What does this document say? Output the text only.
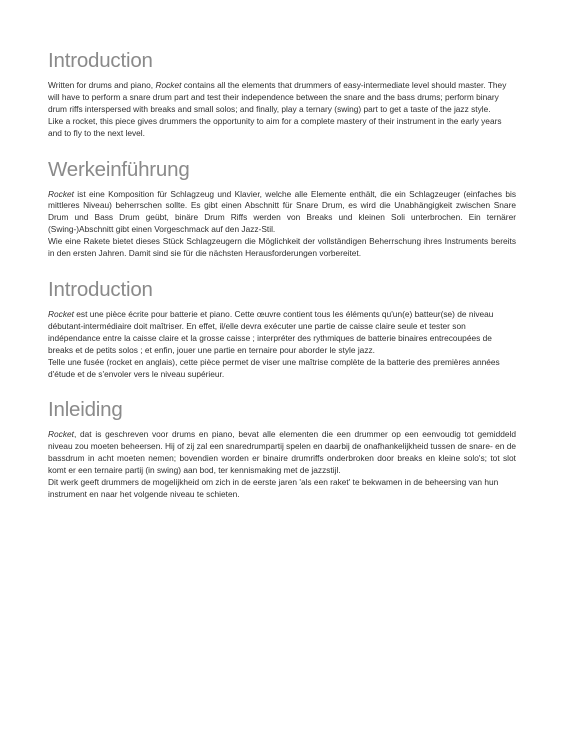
Introduction

Written for drums and piano, Rocket contains all the elements that drummers of easy-intermediate level should master. They will have to perform a snare drum part and test their independence between the snare and the bass drums; perform binary drum riffs interspersed with breaks and small solos; and finally, play a ternary (swing) part to get a taste of the jazz style.

Like a rocket, this piece gives drummers the opportunity to aim for a complete mastery of their instrument in the early years and to fly to the next level.

Werkeinführung

Rocket ist eine Komposition für Schlagzeug und Klavier, welche alle Elemente enthält, die ein Schlagzeuger (einfaches bis mittleres Niveau) beherrschen sollte. Es gibt einen Abschnitt für Snare Drum, es wird die Unabhängigkeit zwischen Snare Drum und Bass Drum geübt, binäre Drum Riffs werden von Breaks und kleinen Soli unterbrochen. Ein ternärer (Swing-)Abschnitt gibt einen Vorgeschmack auf den Jazz-Stil.

Wie eine Rakete bietet dieses Stück Schlagzeugern die Möglichkeit der vollständigen Beherrschung ihres Instruments bereits in den ersten Jahren. Damit sind sie für die nächsten Herausforderungen vorbereitet.

Introduction

Rocket est une pièce écrite pour batterie et piano. Cette œuvre contient tous les éléments qu'un(e) batteur(se) de niveau débutant-intermédiaire doit maîtriser. En effet, il/elle devra exécuter une partie de caisse claire seule et tester son indépendance entre la caisse claire et la grosse caisse ; interpréter des rythmiques de batterie binaires entrecoupées de breaks et de petits solos ; et enfin, jouer une partie en ternaire pour aborder le style jazz.

Telle une fusée (rocket en anglais), cette pièce permet de viser une maîtrise complète de la batterie des premières années d'étude et de s'envoler vers le niveau supérieur.

Inleiding

Rocket, dat is geschreven voor drums en piano, bevat alle elementen die een drummer op een eenvoudig tot gemiddeld niveau zou moeten beheersen. Hij of zij zal een snaredrumpartij spelen en daarbij de onafhankelijkheid tussen de snare- en de bassdrum in acht moeten nemen; bovendien worden er binaire drumriffs onderbroken door breaks en kleine solo's; tot slot komt er een ternaire partij (in swing) aan bod, ter kennismaking met de jazzstijl.

Dit werk geeft drummers de mogelijkheid om zich in de eerste jaren 'als een raket' te bekwamen in de beheersing van hun instrument en naar het volgende niveau te schieten.
